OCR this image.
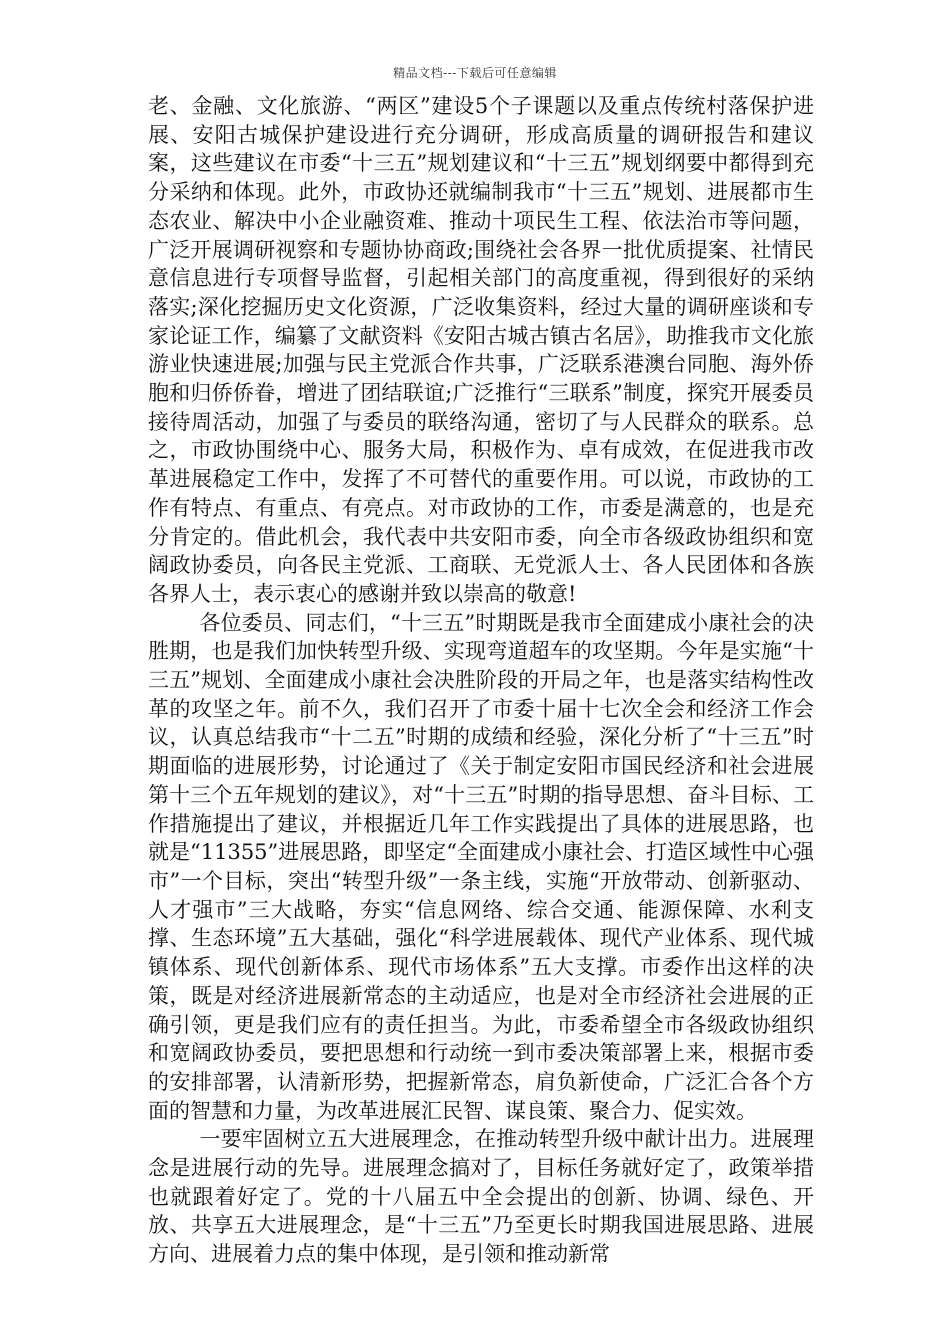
精品文档---下载后可任意编辑

老、金融、文化旅游、“两区”建设5个子课题以及重点传统村落保护进展、安阳古城保护建设进行充分调研，形成高质量的调研报告和建议案，这些建议在市委“十三五”规划建议和“十三五”规划纲要中都得到充分采纳和体现。此外，市政协还就编制我市“十三五”规划、进展都市生态农业、解决中小企业融资难、推动十项民生工程、依法治市等问题，广泛开展调研视察和专题协协商政;围绕社会各界一批优质提案、社情民意信息进行专项督导监督，引起相关部门的高度重视，得到很好的采纳落实;深化挖掘历史文化资源，广泛收集资料，经过大量的调研座谈和专家论证工作，编纂了文献资料《安阳古城古镇古名居》，助推我市文化旅游业快速进展;加强与民主党派合作共事，广泛联系港澳台同胞、海外侨胞和归侨侨眷，增进了团结联谊;广泛推行“三联系”制度，探究开展委员接待周活动，加强了与委员的联络沟通，密切了与人民群众的联系。总之，市政协围绕中心、服务大局，积极作为、卓有成效，在促进我市改革进展稳定工作中，发挥了不可替代的重要作用。可以说，市政协的工作有特点、有重点、有亮点。对市政协的工作，市委是满意的，也是充分肯定的。借此机会，我代表中共安阳市委，向全市各级政协组织和宽阔政协委员，向各民主党派、工商联、无党派人士、各人民团体和各族各界人士，表示衷心的感谢并致以崇高的敬意!

各位委员、同志们，“十三五”时期既是我市全面建成小康社会的决胜期，也是我们加快转型升级、实现弯道超车的攻坚期。今年是实施“十三五”规划、全面建成小康社会决胜阶段的开局之年，也是落实结构性改革的攻坚之年。前不久，我们召开了市委十届十七次全会和经济工作会议，认真总结我市“十二五”时期的成绩和经验，深化分析了“十三五”时期面临的进展形势，讨论通过了《关于制定安阳市国民经济和社会进展第十三个五年规划的建议》，对“十三五”时期的指导思想、奋斗目标、工作措施提出了建议，并根据近几年工作实践提出了具体的进展思路，也就是“11355”进展思路，即坚定“全面建成小康社会、打造区域性中心强市”一个目标，突出“转型升级”一条主线，实施“开放带动、创新驱动、人才强市”三大战略，夯实“信息网络、综合交通、能源保障、水利支撑、生态环境”五大基础，强化“科学进展载体、现代产业体系、现代城镇体系、现代创新体系、现代市场体系”五大支撑。市委作出这样的决策，既是对经济进展新常态的主动适应，也是对全市经济社会进展的正确引领，更是我们应有的责任担当。为此，市委希望全市各级政协组织和宽阔政协委员，要把思想和行动统一到市委决策部署上来，根据市委的安排部署，认清新形势，把握新常态，肩负新使命，广泛汇合各个方面的智慧和力量，为改革进展汇民智、谋良策、聚合力、促实效。

一要牢固树立五大进展理念，在推动转型升级中献计出力。进展理念是进展行动的先导。进展理念搞对了，目标任务就好定了，政策举措也就跟着好定了。党的十八届五中全会提出的创新、协调、绿色、开放、共享五大进展理念，是“十三五”乃至更长时期我国进展思路、进展方向、进展着力点的集中体现，是引领和推动新常
